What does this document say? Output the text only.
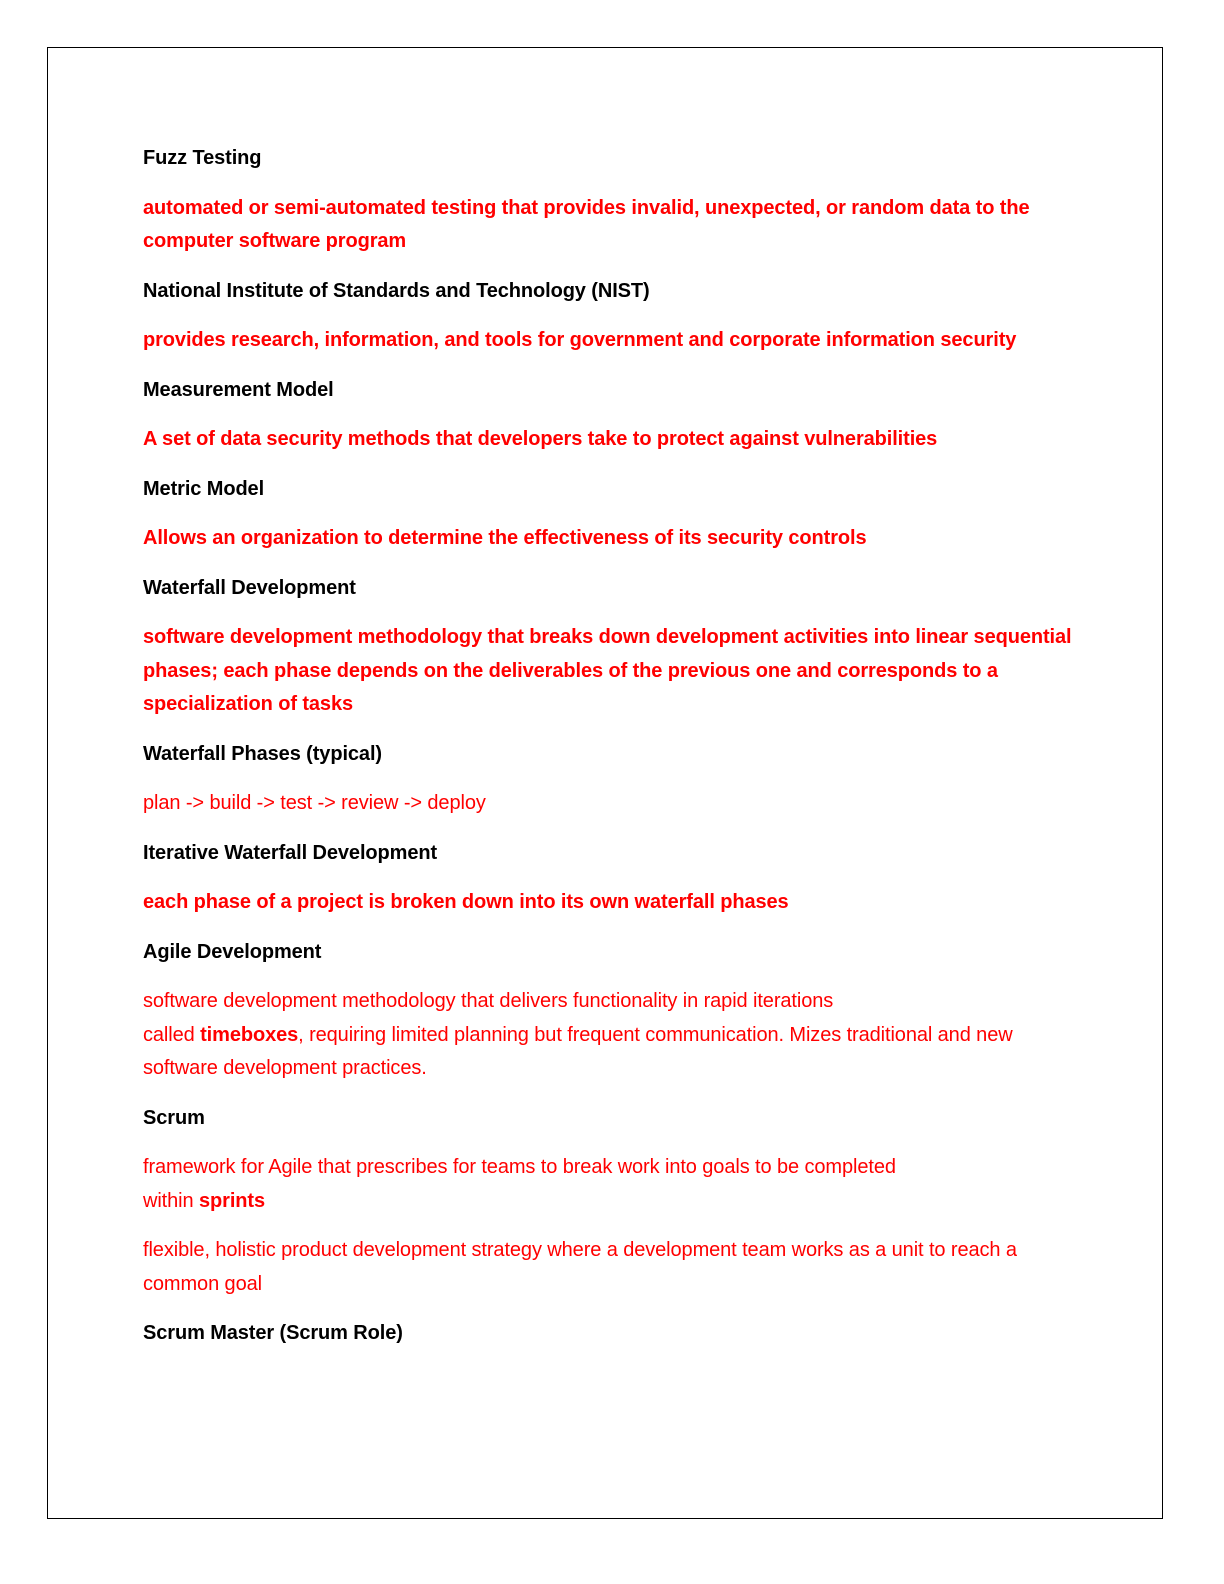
Fuzz Testing

automated or semi-automated testing that provides invalid, unexpected, or random data to the computer software program

National Institute of Standards and Technology (NIST)

provides research, information, and tools for government and corporate information security

Measurement Model

A set of data security methods that developers take to protect against vulnerabilities

Metric Model

Allows an organization to determine the effectiveness of its security controls

Waterfall Development

software development methodology that breaks down development activities into linear sequential phases; each phase depends on the deliverables of the previous one and corresponds to a specialization of tasks

Waterfall Phases (typical)

plan -> build -> test -> review -> deploy

Iterative Waterfall Development

each phase of a project is broken down into its own waterfall phases

Agile Development

software development methodology that delivers functionality in rapid iterations
called timeboxes, requiring limited planning but frequent communication. Mizes traditional and new software development practices.

Scrum

framework for Agile that prescribes for teams to break work into goals to be completed
within sprints

flexible, holistic product development strategy where a development team works as a unit to reach a common goal

Scrum Master (Scrum Role)
